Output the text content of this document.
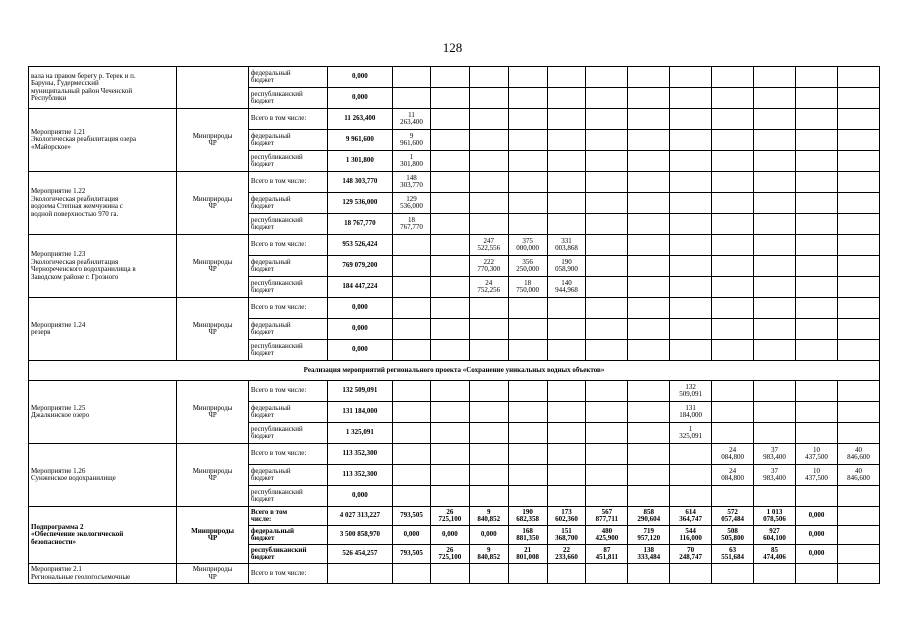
128
вала на правом берегу р. Терек и п.
Баруны, Гудермесский
муниципальный район Чеченской
Республики		федеральный
бюджет	0,000												
		республиканский
бюджет	0,000												
Мероприятие 1.21
Экологическая реабилитация озера
«Майорское»	Минприроды
ЧР	Всего в том числе:	11 263,400	11
263,400											
		федеральный
бюджет	9 961,600	9
961,600											
		республиканский
бюджет	1 301,800	1
301,800											
Мероприятие 1.22
Экологическая реабилитация
водоема Степная жемчужина с
водной поверхностью 970 га.	Минприроды
ЧР	Всего в том числе:	148 303,770	148
303,770											
		федеральный
бюджет	129 536,000	129
536,000											
		республиканский
бюджет	18 767,770	18
767,770											
Мероприятие 1.23
Экологическая реабилитация
Чернореченского водохранилища в
Заводском районе г. Грозного	Минприроды
ЧР	Всего в том числе:	953 526,424			247
522,556	375
000,000	331
003,868							
		федеральный
бюджет	769 079,200			222
770,300	356
250,000	190
058,900							
		республиканский
бюджет	184 447,224			24
752,256	18
750,000	140
944,968							
Мероприятие 1.24
резерв	Минприроды
ЧР	Всего в том числе:	0,000												
		федеральный
бюджет	0,000												
		республиканский
бюджет	0,000												
Реализация мероприятий регионального проекта «Сохранение уникальных водных объектов»															
Мероприятие 1.25
Джалкинское озеро	Минприроды
ЧР	Всего в том числе:	132 509,091								132
509,091				
		федеральный
бюджет	131 184,000								131
184,000				
		республиканский
бюджет	1 325,091								1
325,091				
Мероприятие 1.26
Сунженское водохранилище	Минприроды
ЧР	Всего в том числе:	113 352,300									24
084,800	37
983,400	10
437,500	40
846,600
		федеральный
бюджет	113 352,300									24
084,800	37
983,400	10
437,500	40
846,600
		республиканский
бюджет	0,000												
Подпрограмма 2
«Обеспечение экологической
безопасности»	Минприроды
ЧР	Всего в том
числе:	4 027 313,227	793,505	26
725,100	9
840,852	190
682,358	173
602,360	567
877,711	858
290,604	614
364,747	572
057,484	1 013
078,506	0,000	
		федеральный
бюджет	3 500 858,970	0,000	0,000	0,000	168
881,350	151
368,700	480
425,900	719
957,120	544
116,000	508
505,800	927
604,100	0,000	
		республиканский
бюджет	526 454,257	793,505	26
725,100	9
840,852	21
801,008	22
233,660	87
451,811	138
333,484	70
248,747	63
551,684	85
474,406	0,000	
Мероприятие 2.1
Региональные геологосъемочные	Минприроды
ЧР	Всего в том числе:													
